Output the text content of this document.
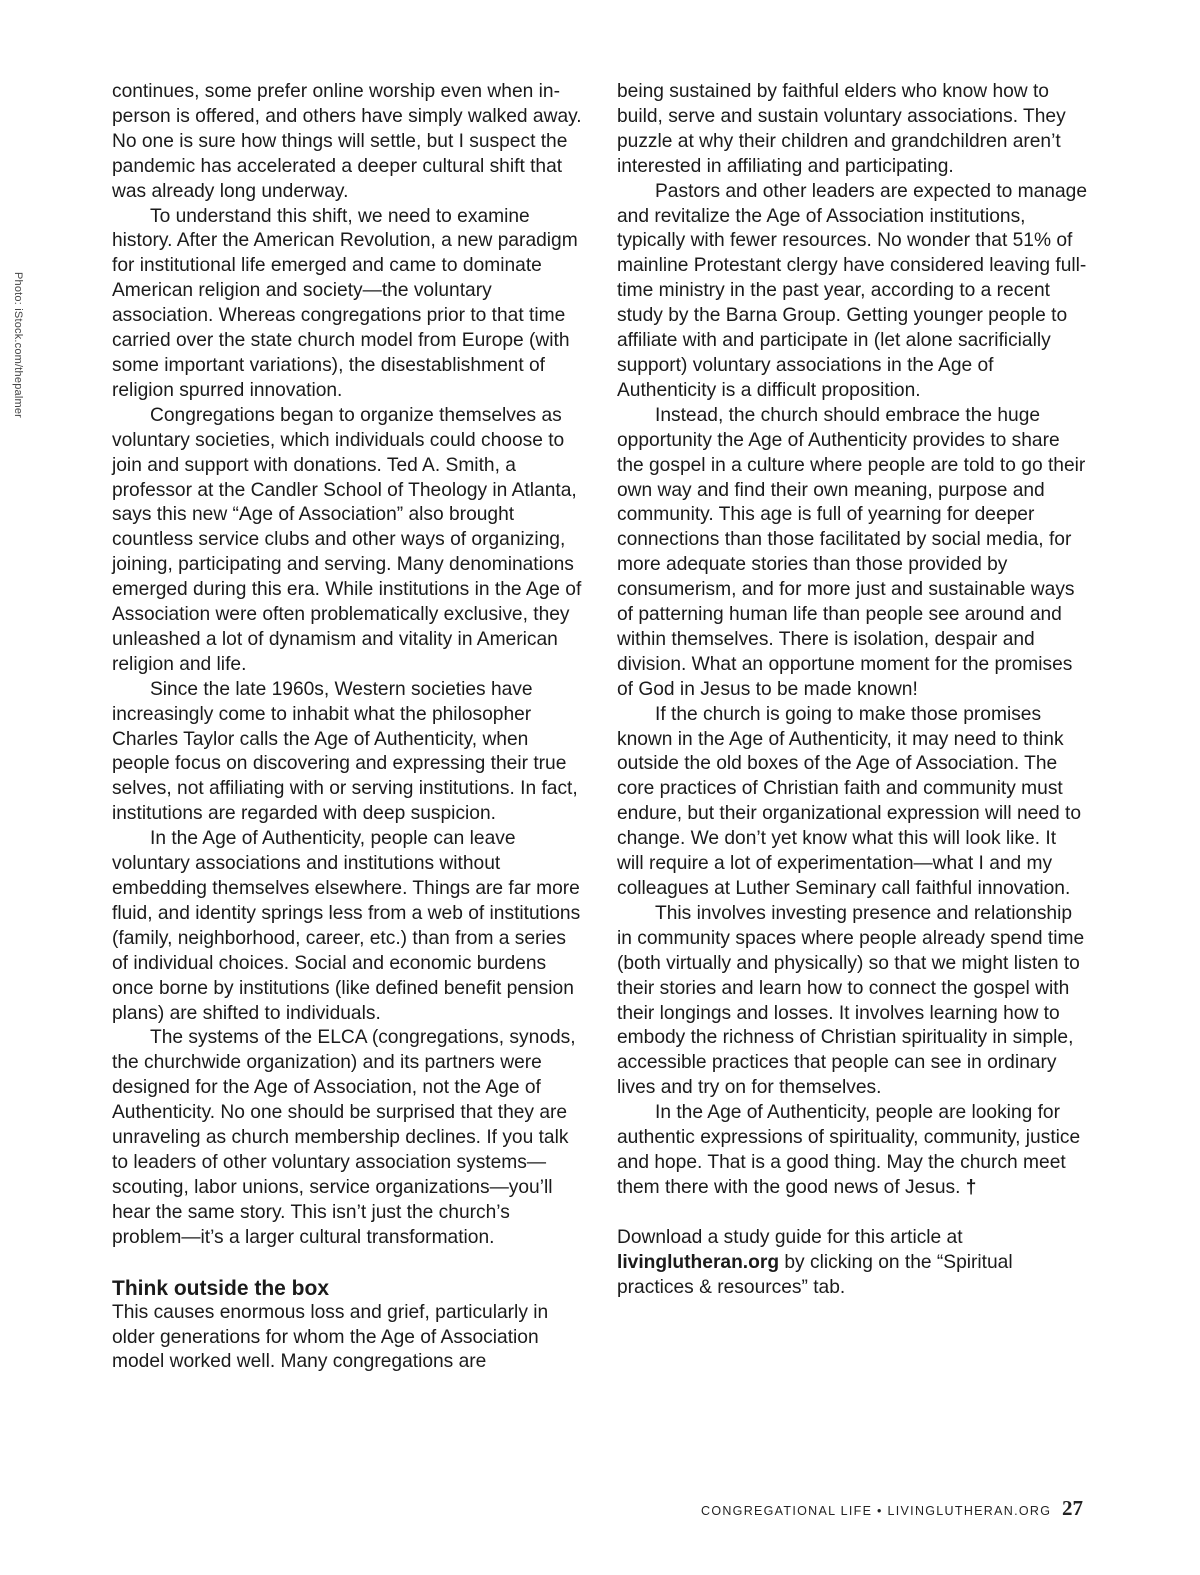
Photo: iStock.com/thepalmer

continues, some prefer online worship even when in-person is offered, and others have simply walked away. No one is sure how things will settle, but I suspect the pandemic has accelerated a deeper cultural shift that was already long underway.

To understand this shift, we need to examine history. After the American Revolution, a new paradigm for institutional life emerged and came to dominate American religion and society—the voluntary association. Whereas congregations prior to that time carried over the state church model from Europe (with some important variations), the disestablishment of religion spurred innovation.

Congregations began to organize themselves as voluntary societies, which individuals could choose to join and support with donations. Ted A. Smith, a professor at the Candler School of Theology in Atlanta, says this new “Age of Association” also brought countless service clubs and other ways of organizing, joining, participating and serving. Many denominations emerged during this era. While institutions in the Age of Association were often problematically exclusive, they unleashed a lot of dynamism and vitality in American religion and life.

Since the late 1960s, Western societies have increasingly come to inhabit what the philosopher Charles Taylor calls the Age of Authenticity, when people focus on discovering and expressing their true selves, not affiliating with or serving institutions. In fact, institutions are regarded with deep suspicion.

In the Age of Authenticity, people can leave voluntary associations and institutions without embedding themselves elsewhere. Things are far more fluid, and identity springs less from a web of institutions (family, neighborhood, career, etc.) than from a series of individual choices. Social and economic burdens once borne by institutions (like defined benefit pension plans) are shifted to individuals.

The systems of the ELCA (congregations, synods, the churchwide organization) and its partners were designed for the Age of Association, not the Age of Authenticity. No one should be surprised that they are unraveling as church membership declines. If you talk to leaders of other voluntary association systems—scouting, labor unions, service organizations—you’ll hear the same story. This isn’t just the church’s problem—it’s a larger cultural transformation.

Think outside the box

This causes enormous loss and grief, particularly in older generations for whom the Age of Association model worked well. Many congregations are

being sustained by faithful elders who know how to build, serve and sustain voluntary associations. They puzzle at why their children and grandchildren aren’t interested in affiliating and participating.

Pastors and other leaders are expected to manage and revitalize the Age of Association institutions, typically with fewer resources. No wonder that 51% of mainline Protestant clergy have considered leaving full-time ministry in the past year, according to a recent study by the Barna Group. Getting younger people to affiliate with and participate in (let alone sacrificially support) voluntary associations in the Age of Authenticity is a difficult proposition.

Instead, the church should embrace the huge opportunity the Age of Authenticity provides to share the gospel in a culture where people are told to go their own way and find their own meaning, purpose and community. This age is full of yearning for deeper connections than those facilitated by social media, for more adequate stories than those provided by consumerism, and for more just and sustainable ways of patterning human life than people see around and within themselves. There is isolation, despair and division. What an opportune moment for the promises of God in Jesus to be made known!

If the church is going to make those promises known in the Age of Authenticity, it may need to think outside the old boxes of the Age of Association. The core practices of Christian faith and community must endure, but their organizational expression will need to change. We don’t yet know what this will look like. It will require a lot of experimentation—what I and my colleagues at Luther Seminary call faithful innovation.

This involves investing presence and relationship in community spaces where people already spend time (both virtually and physically) so that we might listen to their stories and learn how to connect the gospel with their longings and losses. It involves learning how to embody the richness of Christian spirituality in simple, accessible practices that people can see in ordinary lives and try on for themselves.

In the Age of Authenticity, people are looking for authentic expressions of spirituality, community, justice and hope. That is a good thing. May the church meet them there with the good news of Jesus. †

Download a study guide for this article at livinglutheran.org by clicking on the “Spiritual practices & resources” tab.

CONGREGATIONAL LIFE • LIVINGLUTHERAN.ORG 27
